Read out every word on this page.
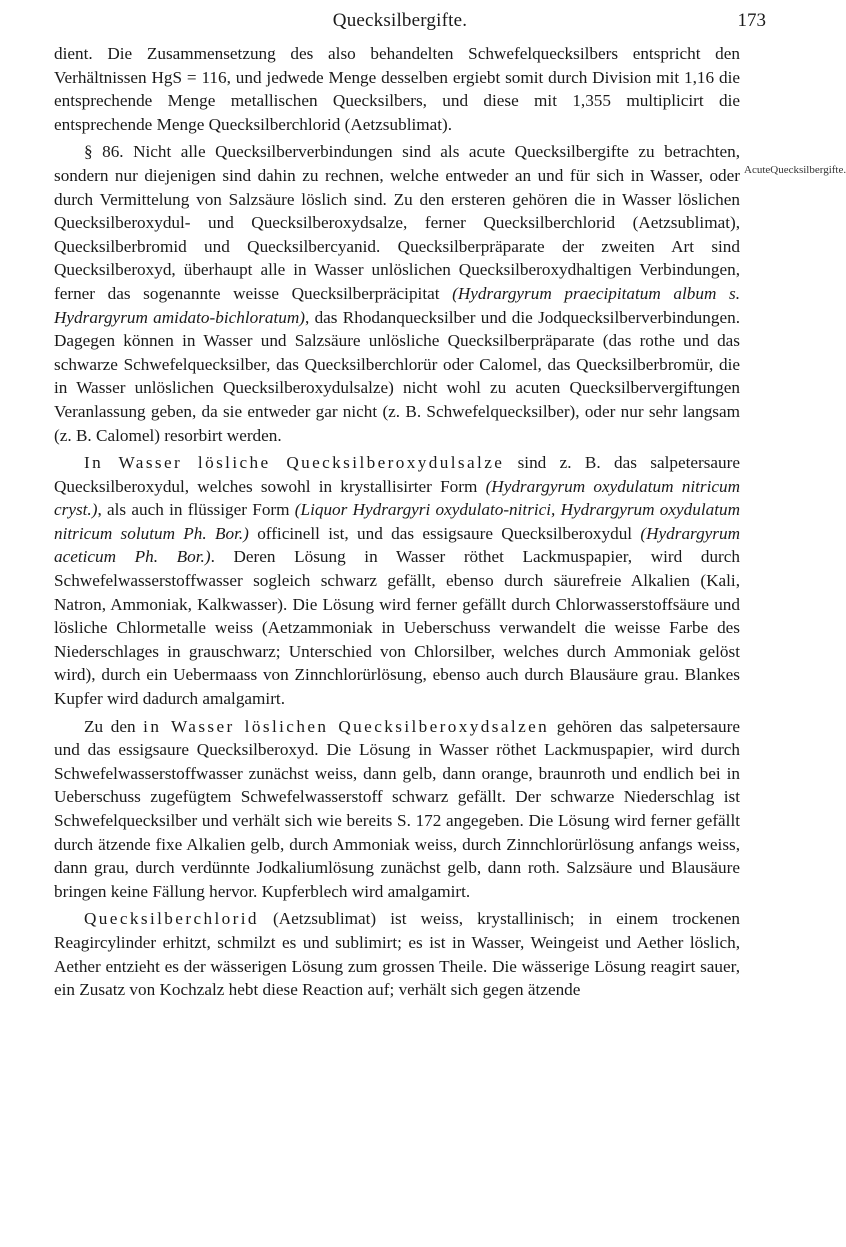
Quecksilbergifte.	173
AcuteQuecksilbergifte.

dient. Die Zusammensetzung des also behandelten Schwefelquecksilbers entspricht den Verhältnissen HgS = 116, und jedwede Menge desselben ergiebt somit durch Division mit 1,16 die entsprechende Menge metallischen Quecksilbers, und diese mit 1,355 multiplicirt die entsprechende Menge Quecksilberchlorid (Aetzsublimat).

§ 86. Nicht alle Quecksilberverbindungen sind als acute Quecksilbergifte zu betrachten, sondern nur diejenigen sind dahin zu rechnen, welche entweder an und für sich in Wasser, oder durch Vermittelung von Salzsäure löslich sind. Zu den ersteren gehören die in Wasser löslichen Quecksilberoxydul- und Quecksilberoxydsalze, ferner Quecksilberchlorid (Aetzsublimat), Quecksilberbromid und Quecksilbercyanid. Quecksilberpräparate der zweiten Art sind Quecksilberoxyd, überhaupt alle in Wasser unlöslichen Quecksilberoxydhaltigen Verbindungen, ferner das sogenannte weisse Quecksilberpräcipitat (Hydrargyrum praecipitatum album s. Hydrargyrum amidato-bichloratum), das Rhodanquecksilber und die Jodquecksilberverbindungen. Dagegen können in Wasser und Salzsäure unlösliche Quecksilberpräparate (das rothe und das schwarze Schwefelquecksilber, das Quecksilberchlorür oder Calomel, das Quecksilberbromür, die in Wasser unlöslichen Quecksilberoxydulsalze) nicht wohl zu acuten Quecksilbervergiftungen Veranlassung geben, da sie entweder gar nicht (z. B. Schwefelquecksilber), oder nur sehr langsam (z. B. Calomel) resorbirt werden.

In Wasser lösliche Quecksilberoxydulsalze sind z. B. das salpetersaure Quecksilberoxydul, welches sowohl in krystallisirter Form (Hydrargyrum oxydulatum nitricum cryst.), als auch in flüssiger Form (Liquor Hydrargyri oxydulato-nitrici, Hydrargyrum oxydulatum nitricum solutum Ph. Bor.) officinell ist, und das essigsaure Quecksilberoxydul (Hydrargyrum aceticum Ph. Bor.). Deren Lösung in Wasser röthet Lackmuspapier, wird durch Schwefelwasserstoffwasser sogleich schwarz gefällt, ebenso durch säurefreie Alkalien (Kali, Natron, Ammoniak, Kalkwasser). Die Lösung wird ferner gefällt durch Chlorwasserstoffsäure und lösliche Chlormetalle weiss (Aetzammoniak in Ueberschuss verwandelt die weisse Farbe des Niederschlages in grauschwarz; Unterschied von Chlorsilber, welches durch Ammoniak gelöst wird), durch ein Uebermaass von Zinnchlorürlösung, ebenso auch durch Blausäure grau. Blankes Kupfer wird dadurch amalgamirt.

Zu den in Wasser löslichen Quecksilberoxydsalzen gehören das salpetersaure und das essigsaure Quecksilberoxyd. Die Lösung in Wasser röthet Lackmuspapier, wird durch Schwefelwasserstoffwasser zunächst weiss, dann gelb, dann orange, braunroth und endlich bei in Ueberschuss zugefügtem Schwefelwasserstoff schwarz gefällt. Der schwarze Niederschlag ist Schwefelquecksilber und verhält sich wie bereits S. 172 angegeben. Die Lösung wird ferner gefällt durch ätzende fixe Alkalien gelb, durch Ammoniak weiss, durch Zinnchlorürlösung anfangs weiss, dann grau, durch verdünnte Jodkaliumlösung zunächst gelb, dann roth. Salzsäure und Blausäure bringen keine Fällung hervor. Kupferblech wird amalgamirt.

Quecksilberchlorid (Aetzsublimat) ist weiss, krystallinisch; in einem trockenen Reagircylinder erhitzt, schmilzt es und sublimirt; es ist in Wasser, Weingeist und Aether löslich, Aether entzieht es der wässerigen Lösung zum grossen Theile. Die wässerige Lösung reagirt sauer, ein Zusatz von Kochzalz hebt diese Reaction auf; verhält sich gegen ätzende
